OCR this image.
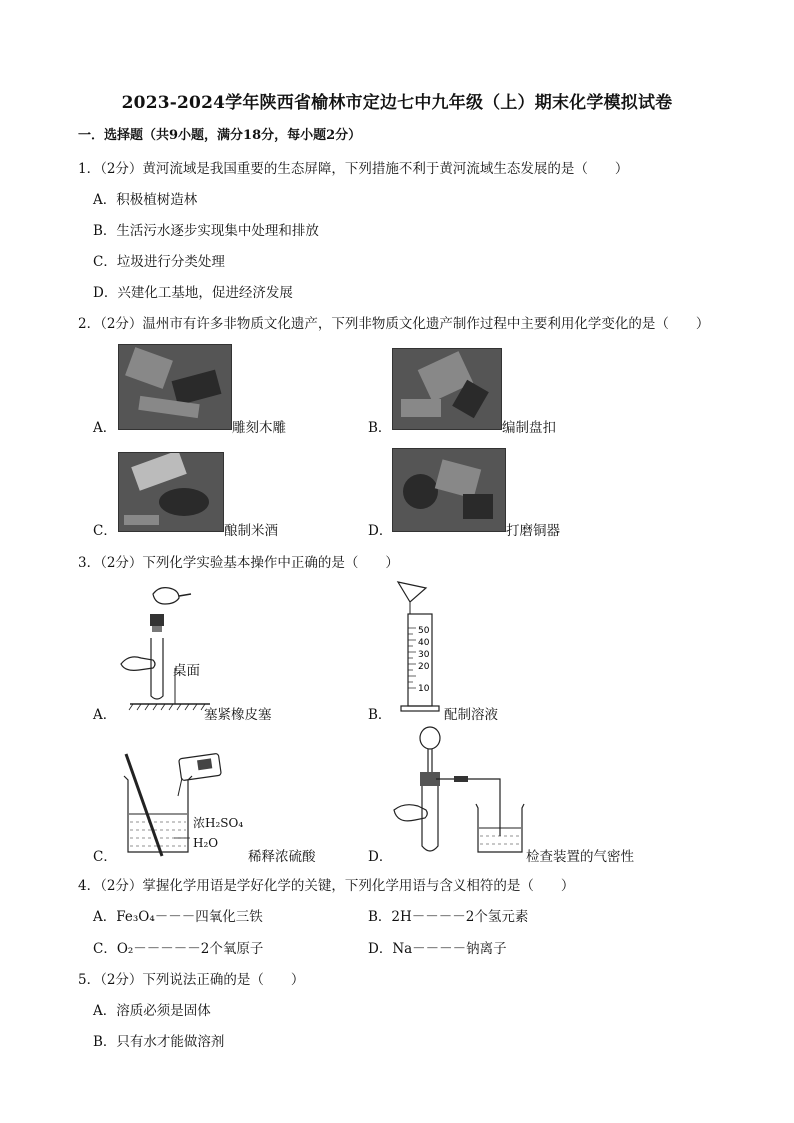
2023-2024学年陕西省榆林市定边七中九年级（上）期末化学模拟试卷
一．选择题（共9小题，满分18分，每小题2分）
1．（2分）黄河流域是我国重要的生态屏障，下列措施不利于黄河流域生态发展的是（　　）
A．积极植树造林
B．生活污水逐步实现集中处理和排放
C．垃圾进行分类处理
D．兴建化工基地，促进经济发展
2．（2分）温州市有许多非物质文化遗产，下列非物质文化遗产制作过程中主要利用化学变化的是（　　）
A．	雕刻木雕	B．	编制盘扣
C．	酿制米酒	D．	打磨铜器
3．（2分）下列化学实验基本操作中正确的是（　　）
A．
桌面
塞紧橡皮塞	B．
50
40
30
20
10
配制溶液
C．
浓H₂SO₄
H₂O
稀释浓硫酸	D．	检查装置的气密性
4．（2分）掌握化学用语是学好化学的关键，下列化学用语与含义相符的是（　　）
A．Fe₃O₄－－－四氧化三铁	B．2H－－－－2个氢元素
C．O₂－－－－－2个氧原子	D．Na－－－－钠离子
5．（2分）下列说法正确的是（　　）
A．溶质必须是固体
B．只有水才能做溶剂
